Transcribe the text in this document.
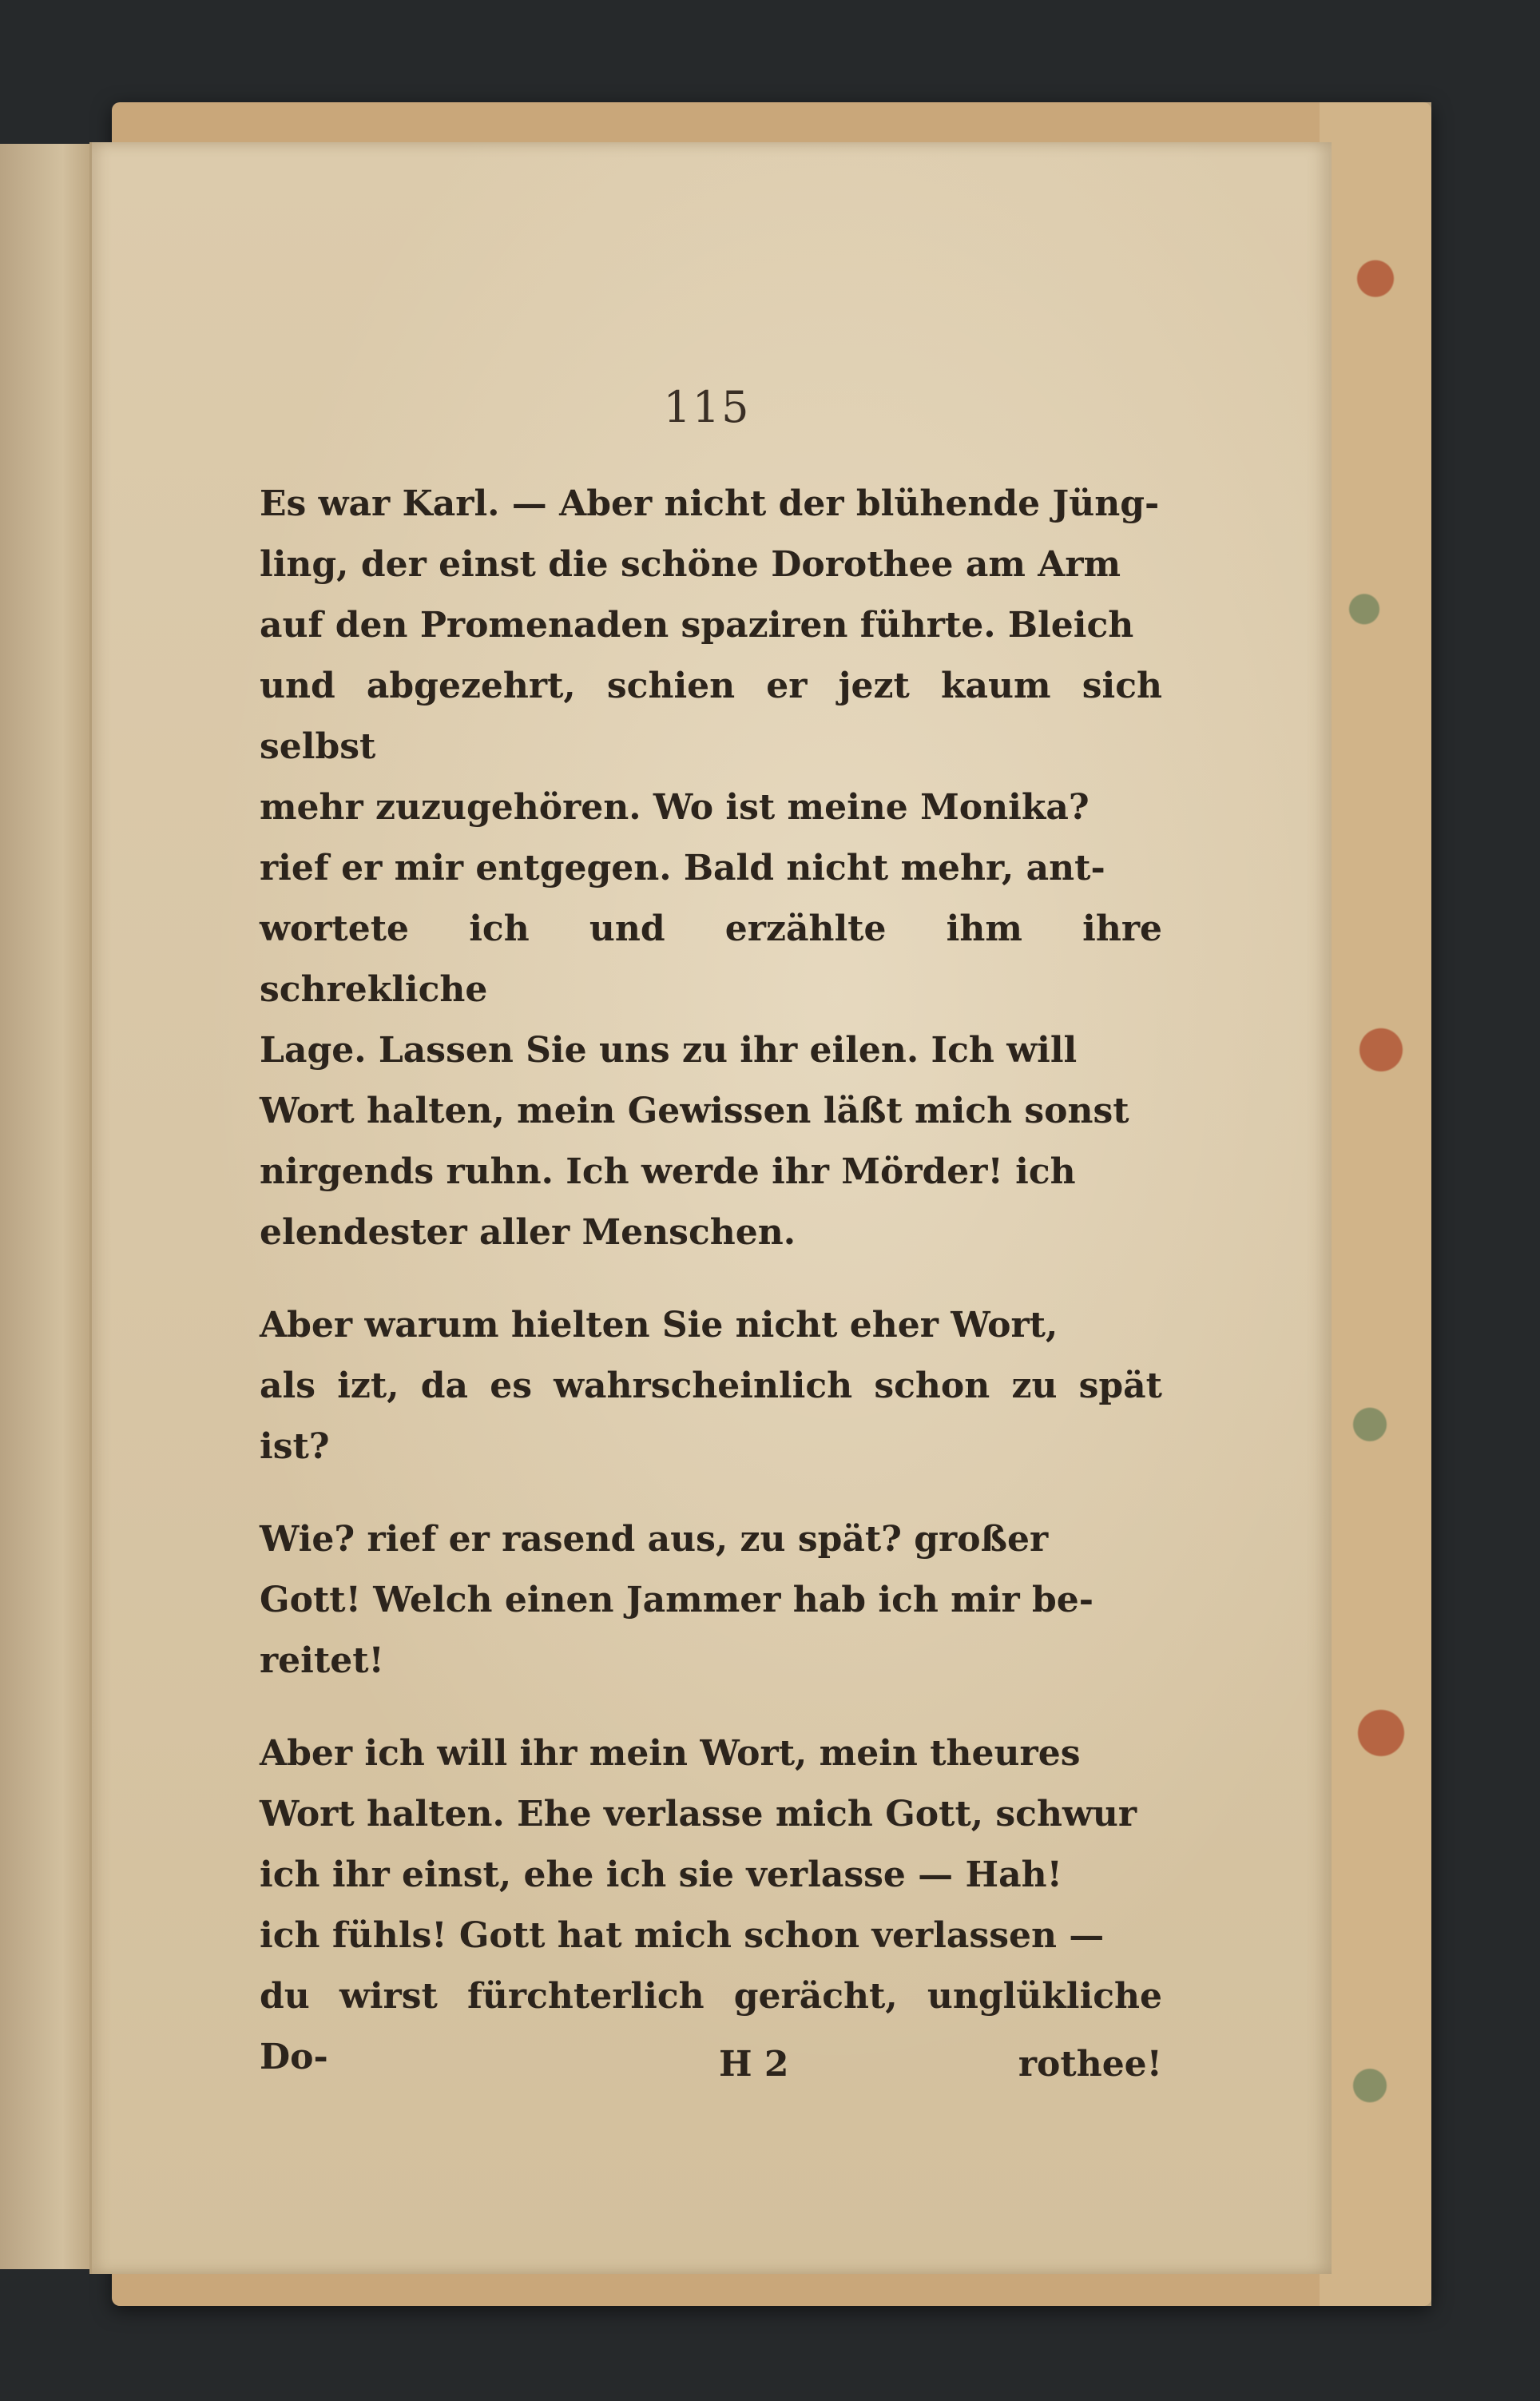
115

Es war Karl. — Aber nicht der blühende Jüng-
ling, der einst die schöne Dorothee am Arm
auf den Promenaden spaziren führte. Bleich
und abgezehrt, schien er jezt kaum sich selbst
mehr zuzugehören. Wo ist meine Monika?
rief er mir entgegen. Bald nicht mehr, ant-
wortete ich und erzählte ihm ihre schrekliche
Lage. Lassen Sie uns zu ihr eilen. Ich will
Wort halten, mein Gewissen läßt mich sonst
nirgends ruhn. Ich werde ihr Mörder! ich
elendester aller Menschen.

Aber warum hielten Sie nicht eher Wort,
als izt, da es wahrscheinlich schon zu spät ist?

Wie? rief er rasend aus, zu spät? großer
Gott! Welch einen Jammer hab ich mir be-
reitet!

Aber ich will ihr mein Wort, mein theures
Wort halten. Ehe verlasse mich Gott, schwur
ich ihr einst, ehe ich sie verlasse — Hah!
ich fühls! Gott hat mich schon verlassen —
du wirst fürchterlich gerächt, unglükliche Do-	H 2	rothee!
